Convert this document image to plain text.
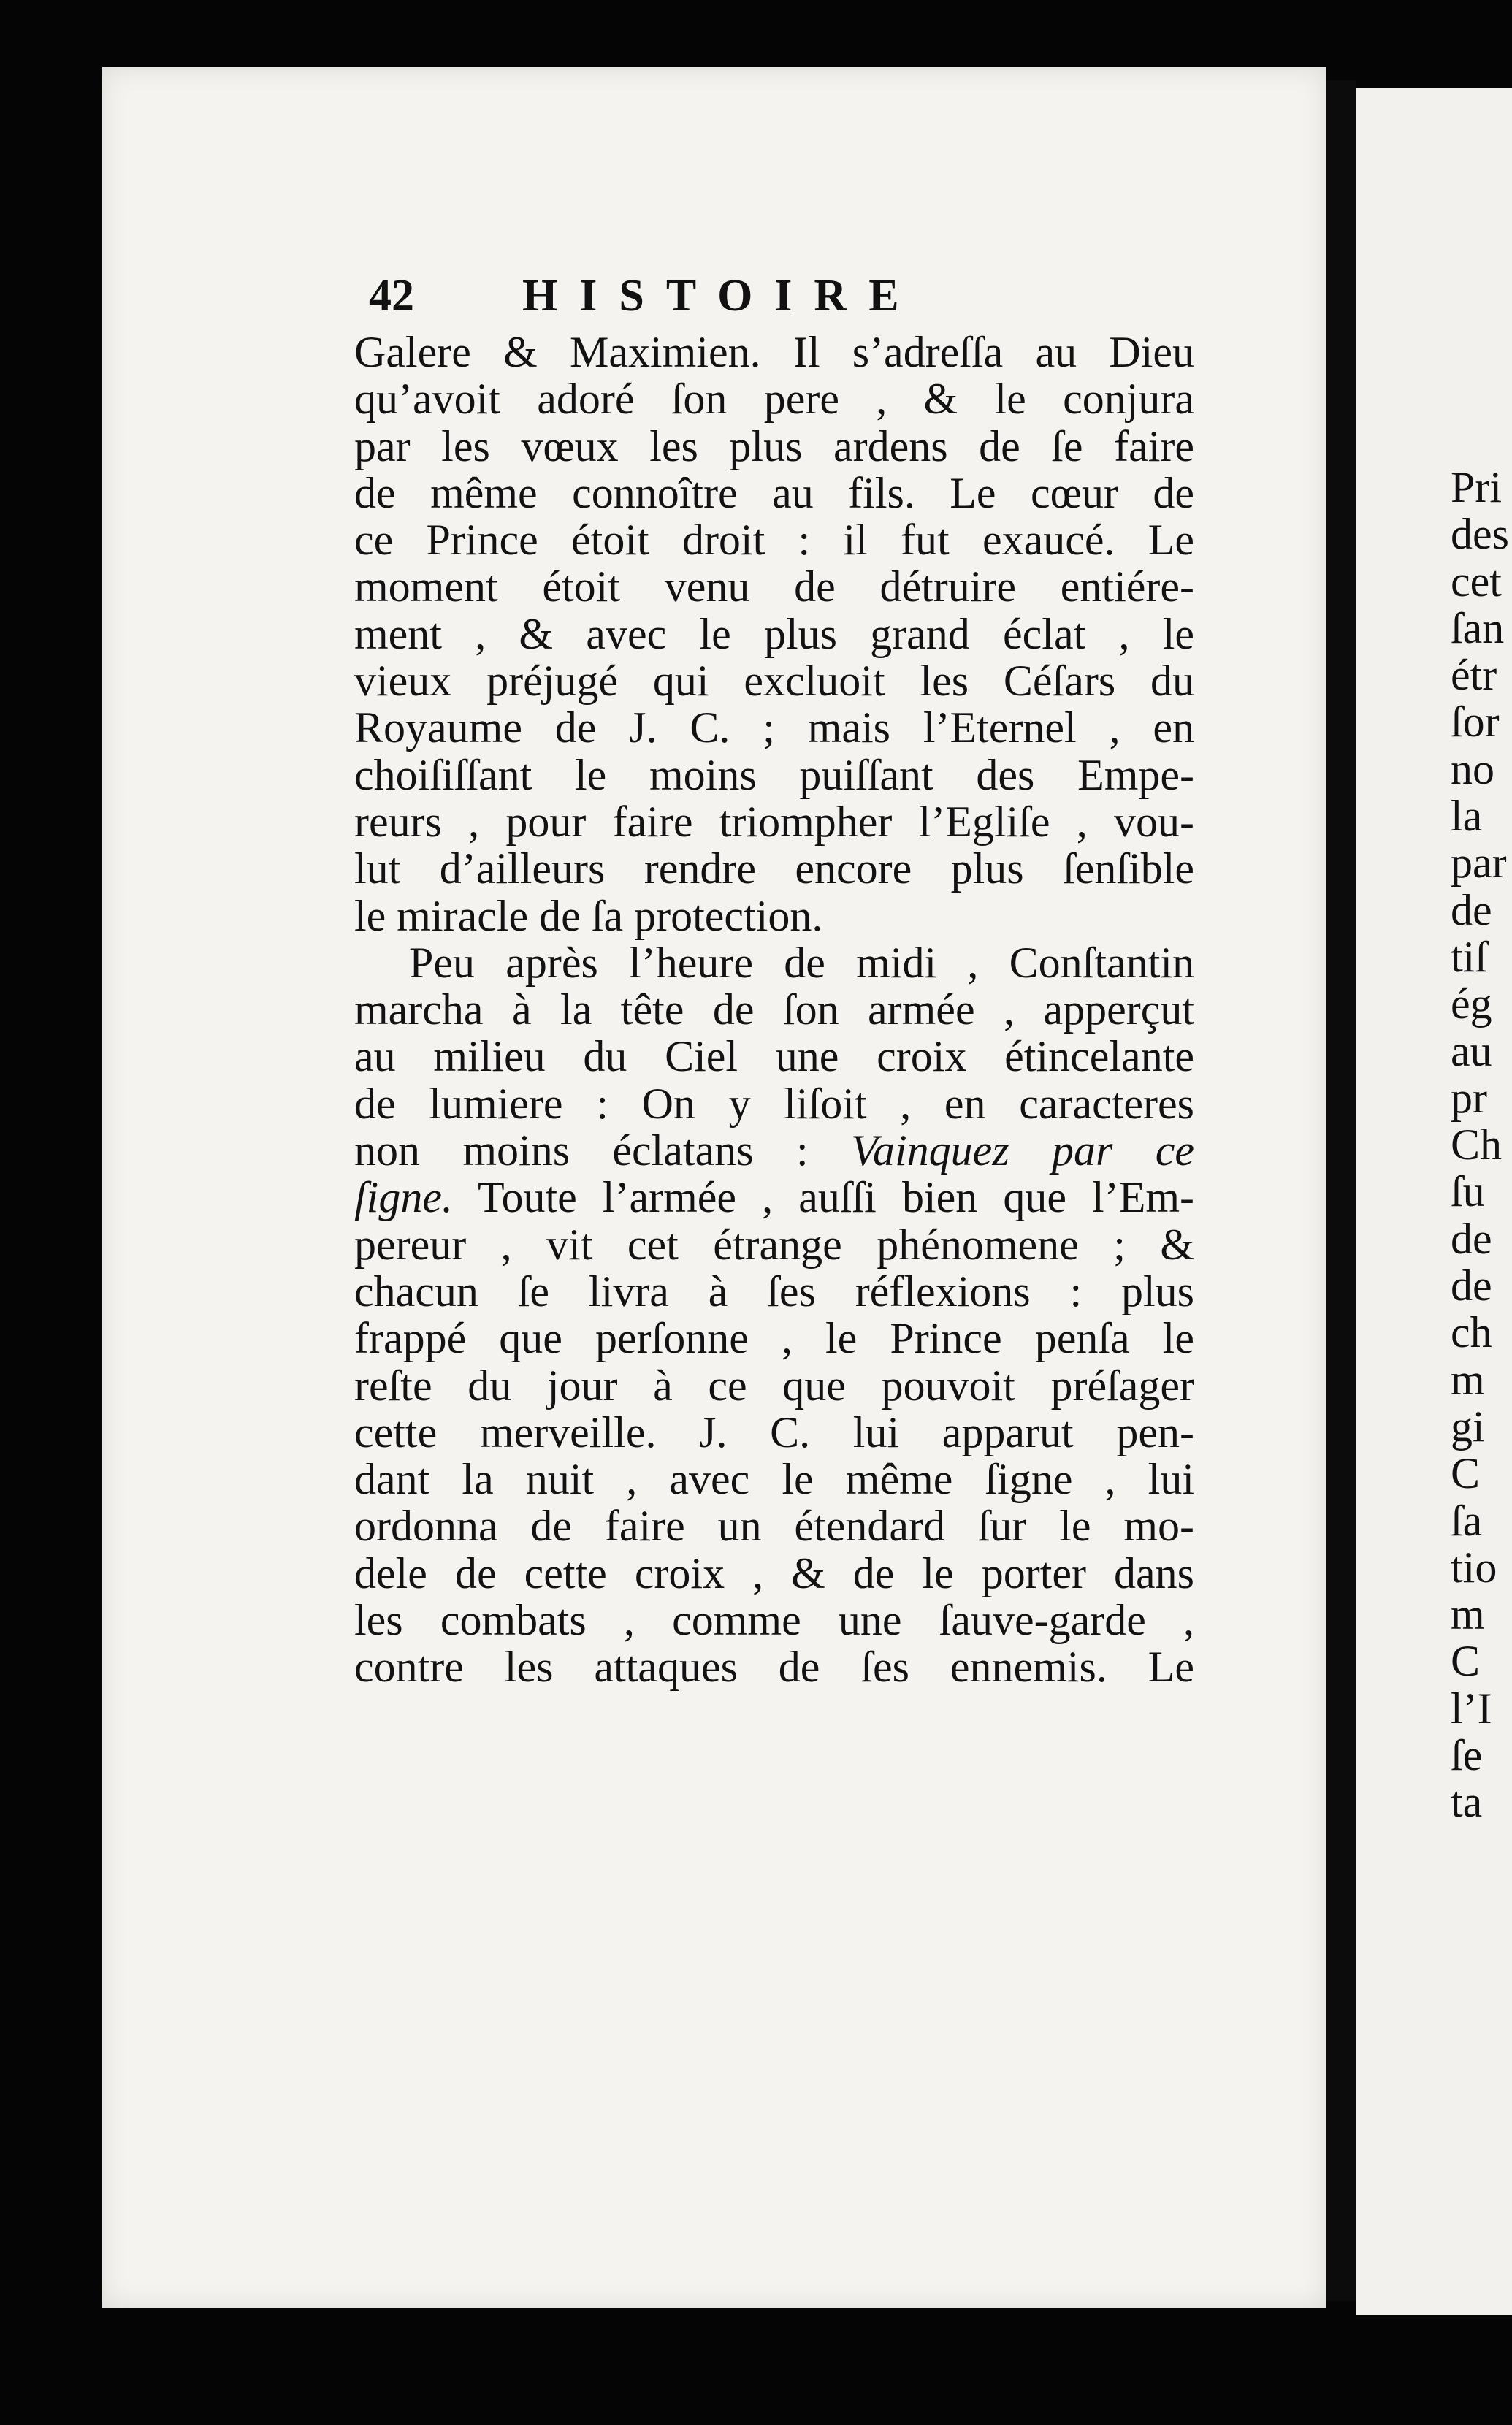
Pri
des
cet
ſan
étr
ſor
no
la
par
de
tiſ
ég
au
pr
Ch
ſu
de
de
ch
m
gi
C
ſa
tio
m
C
l’I
ſe
ta
42 HISTOIRE
Galere & Maximien. Il s’adreſſa au Dieu
qu’avoit adoré ſon pere , & le conjura
par les vœux les plus ardens de ſe faire
de même connoître au fils. Le cœur de
ce Prince étoit droit : il fut exaucé. Le
moment étoit venu de détruire entiére-
ment , & avec le plus grand éclat , le
vieux préjugé qui excluoit les Céſars du
Royaume de J. C. ; mais l’Eternel , en
choiſiſſant le moins puiſſant des Empe-
reurs , pour faire triompher l’Egliſe , vou-
lut d’ailleurs rendre encore plus ſenſible
le miracle de ſa protection.
Peu après l’heure de midi , Conſtantin
marcha à la tête de ſon armée , apperçut
au milieu du Ciel une croix étincelante
de lumiere : On y liſoit , en caracteres
non moins éclatans : Vainquez par ce
ſigne. Toute l’armée , auſſi bien que l’Em-
pereur , vit cet étrange phénomene ; &
chacun ſe livra à ſes réflexions : plus
frappé que perſonne , le Prince penſa le
reſte du jour à ce que pouvoit préſager
cette merveille. J. C. lui apparut pen-
dant la nuit , avec le même ſigne , lui
ordonna de faire un étendard ſur le mo-
dele de cette croix , & de le porter dans
les combats , comme une ſauve-garde ,
contre les attaques de ſes ennemis. Le
